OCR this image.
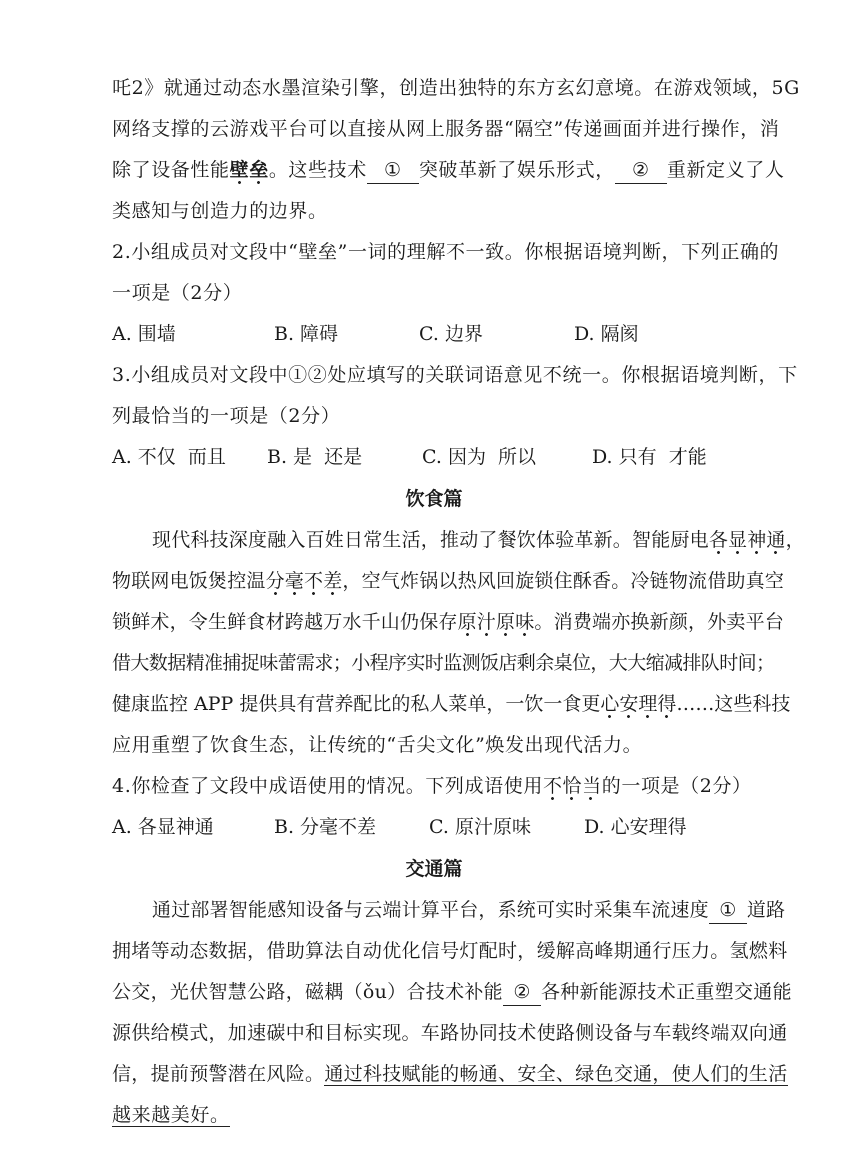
吒2》就通过动态水墨渲染引擎，创造出独特的东方玄幻意境。在游戏领域，5G
网络支撑的云游戏平台可以直接从网上服务器“隔空”传递画面并进行操作，消
除了设备性能壁垒。这些技术 ① 突破革新了娱乐形式， ② 重新定义了人
类感知与创造力的边界。
2.小组成员对文段中“壁垒”一词的理解不一致。你根据语境判断，下列正确的
一项是（2分）
A. 围墙	B. 障碍	C. 边界	D. 隔阂
3.小组成员对文段中①②处应填写的关联词语意见不统一。你根据语境判断，下
列最恰当的一项是（2分）
A. 不仅  而且	B. 是  还是	C. 因为  所以	D. 只有  才能
饮食篇
现代科技深度融入百姓日常生活，推动了餐饮体验革新。智能厨电各显神通，
物联网电饭煲控温分毫不差，空气炸锅以热风回旋锁住酥香。冷链物流借助真空
锁鲜术，令生鲜食材跨越万水千山仍保存原汁原味。消费端亦换新颜，外卖平台
借大数据精准捕捉味蕾需求；小程序实时监测饭店剩余桌位，大大缩减排队时间；
健康监控 APP 提供具有营养配比的私人菜单，一饮一食更心安理得……这些科技
应用重塑了饮食生态，让传统的“舌尖文化”焕发出现代活力。
4.你检查了文段中成语使用的情况。下列成语使用不恰当的一项是（2分）
A. 各显神通	B. 分毫不差	C. 原汁原味	D. 心安理得
交通篇
通过部署智能感知设备与云端计算平台，系统可实时采集车流速度 ① 道路
拥堵等动态数据，借助算法自动优化信号灯配时，缓解高峰期通行压力。氢燃料
公交，光伏智慧公路，磁耦（ǒu）合技术补能 ② 各种新能源技术正重塑交通能
源供给模式，加速碳中和目标实现。车路协同技术使路侧设备与车载终端双向通
信，提前预警潜在风险。通过科技赋能的畅通、安全、绿色交通，使人们的生活
越来越美好。
